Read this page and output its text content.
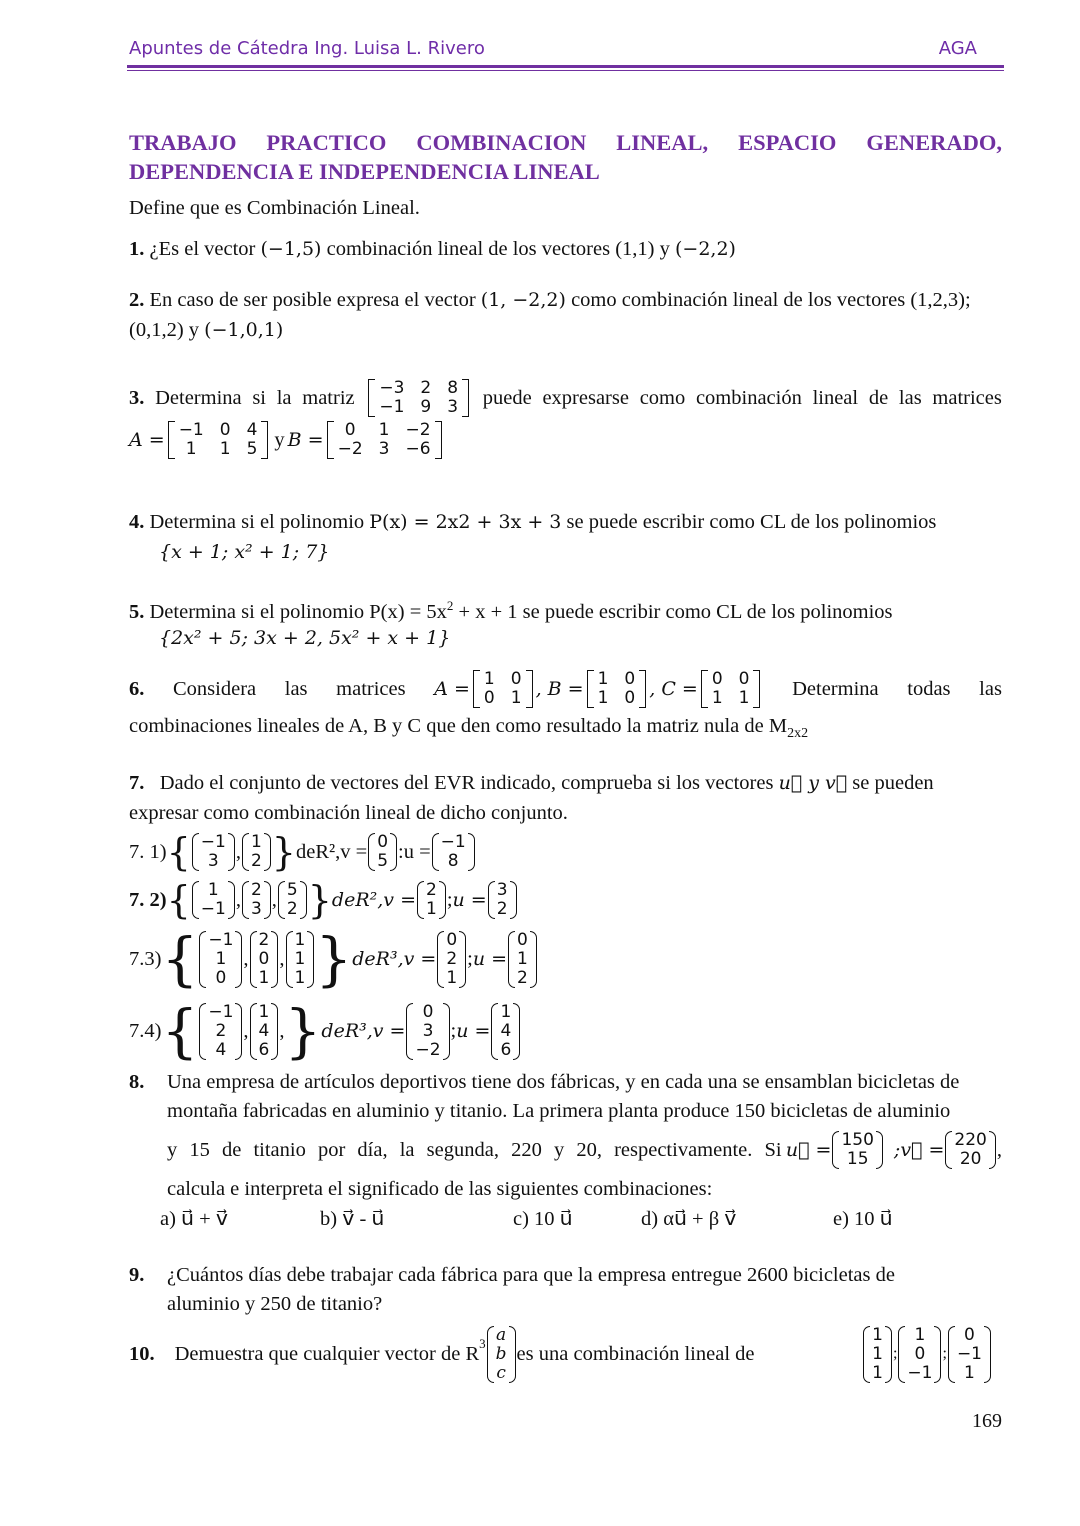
Apuntes de Cátedra Ing. Luisa L. Rivero	AGA
TRABAJO PRACTICO COMBINACION LINEAL, ESPACIO GENERADO,
DEPENDENCIA E INDEPENDENCIA LINEAL
Define que es Combinación Lineal.
1. ¿Es el vector (−1,5) combinación lineal de los vectores (1,1) y (−2,2)
2. En caso de ser posible expresa el vector (1, −2,2) como combinación lineal de los vectores (1,2,3);
(0,1,2) y (−1,0,1)
3. Determina si la matriz −3 2 8
−1 9 3 puede expresarse como combinación lineal de las matrices
A = −1 0 4
1	1 5 y B =	0	1 −2
−2 3 −6
4. Determina si el polinomio P(x) = 2x2 + 3x + 3 se puede escribir como CL de los polinomios
{x + 1; x² + 1; 7}
5. Determina si el polinomio $P(x) = 5x^2 + x + 1$ se puede escribir como CL de los polinomios
{2x² + 5; 3x + 2, 5x² + x + 1}
6. Considera las matrices A = 1 0
0 1 , B = 1 0
1 0 , C = 0 0
1 1 Determina todas las
combinaciones lineales de A, B y C que den como resultado la matriz nula de $M_{2x2}$
7. Dado el conjunto de vectores del EVR indicado, comprueba si los vectores u⃗ y v⃗ se pueden
expresar como combinación lineal de dicho conjunto.
7. 1) { −1
3 , 1
2 } deR², v = 0
5 : u = −1
8
7. 2) { 1
−1 , 2
3 , 5
2 } deR², v = 2
1 ; u = 3
2
7.3) { −1
1
0
,
2
0
1
,
1
1
1 } deR³, v =
0
2
1
; u =
0
1
2
7.4) { −1
2
4
,
1
4
6
, } deR³, v =
0
3
−2
; u =
1
4
6
8. Una empresa de artículos deportivos tiene dos fábricas, y en cada una se ensamblan bicicletas de
montaña fabricadas en aluminio y titanio. La primera planta produce 150 bicicletas de aluminio
y 15 de titanio por día, la segunda, 220 y 20, respectivamente. Si u⃗ = 150
15 ;v⃗ = 220
20 ,
calcula e interpreta el significado de las siguientes combinaciones:
a) u⃗ + v⃗	b) v⃗ - u⃗	c) 10 u⃗	d) αu⃗ + β v⃗	e) 10 u⃗
9. ¿Cuántos días debe trabajar cada fábrica para que la empresa entregue 2600 bicicletas de
aluminio y 250 de titanio?
10. Demuestra que cualquier vector de $R^3$ a
b
c
es una combinación lineal de
1
1
1
;
1
0
−1
;
0
−1
1
169
